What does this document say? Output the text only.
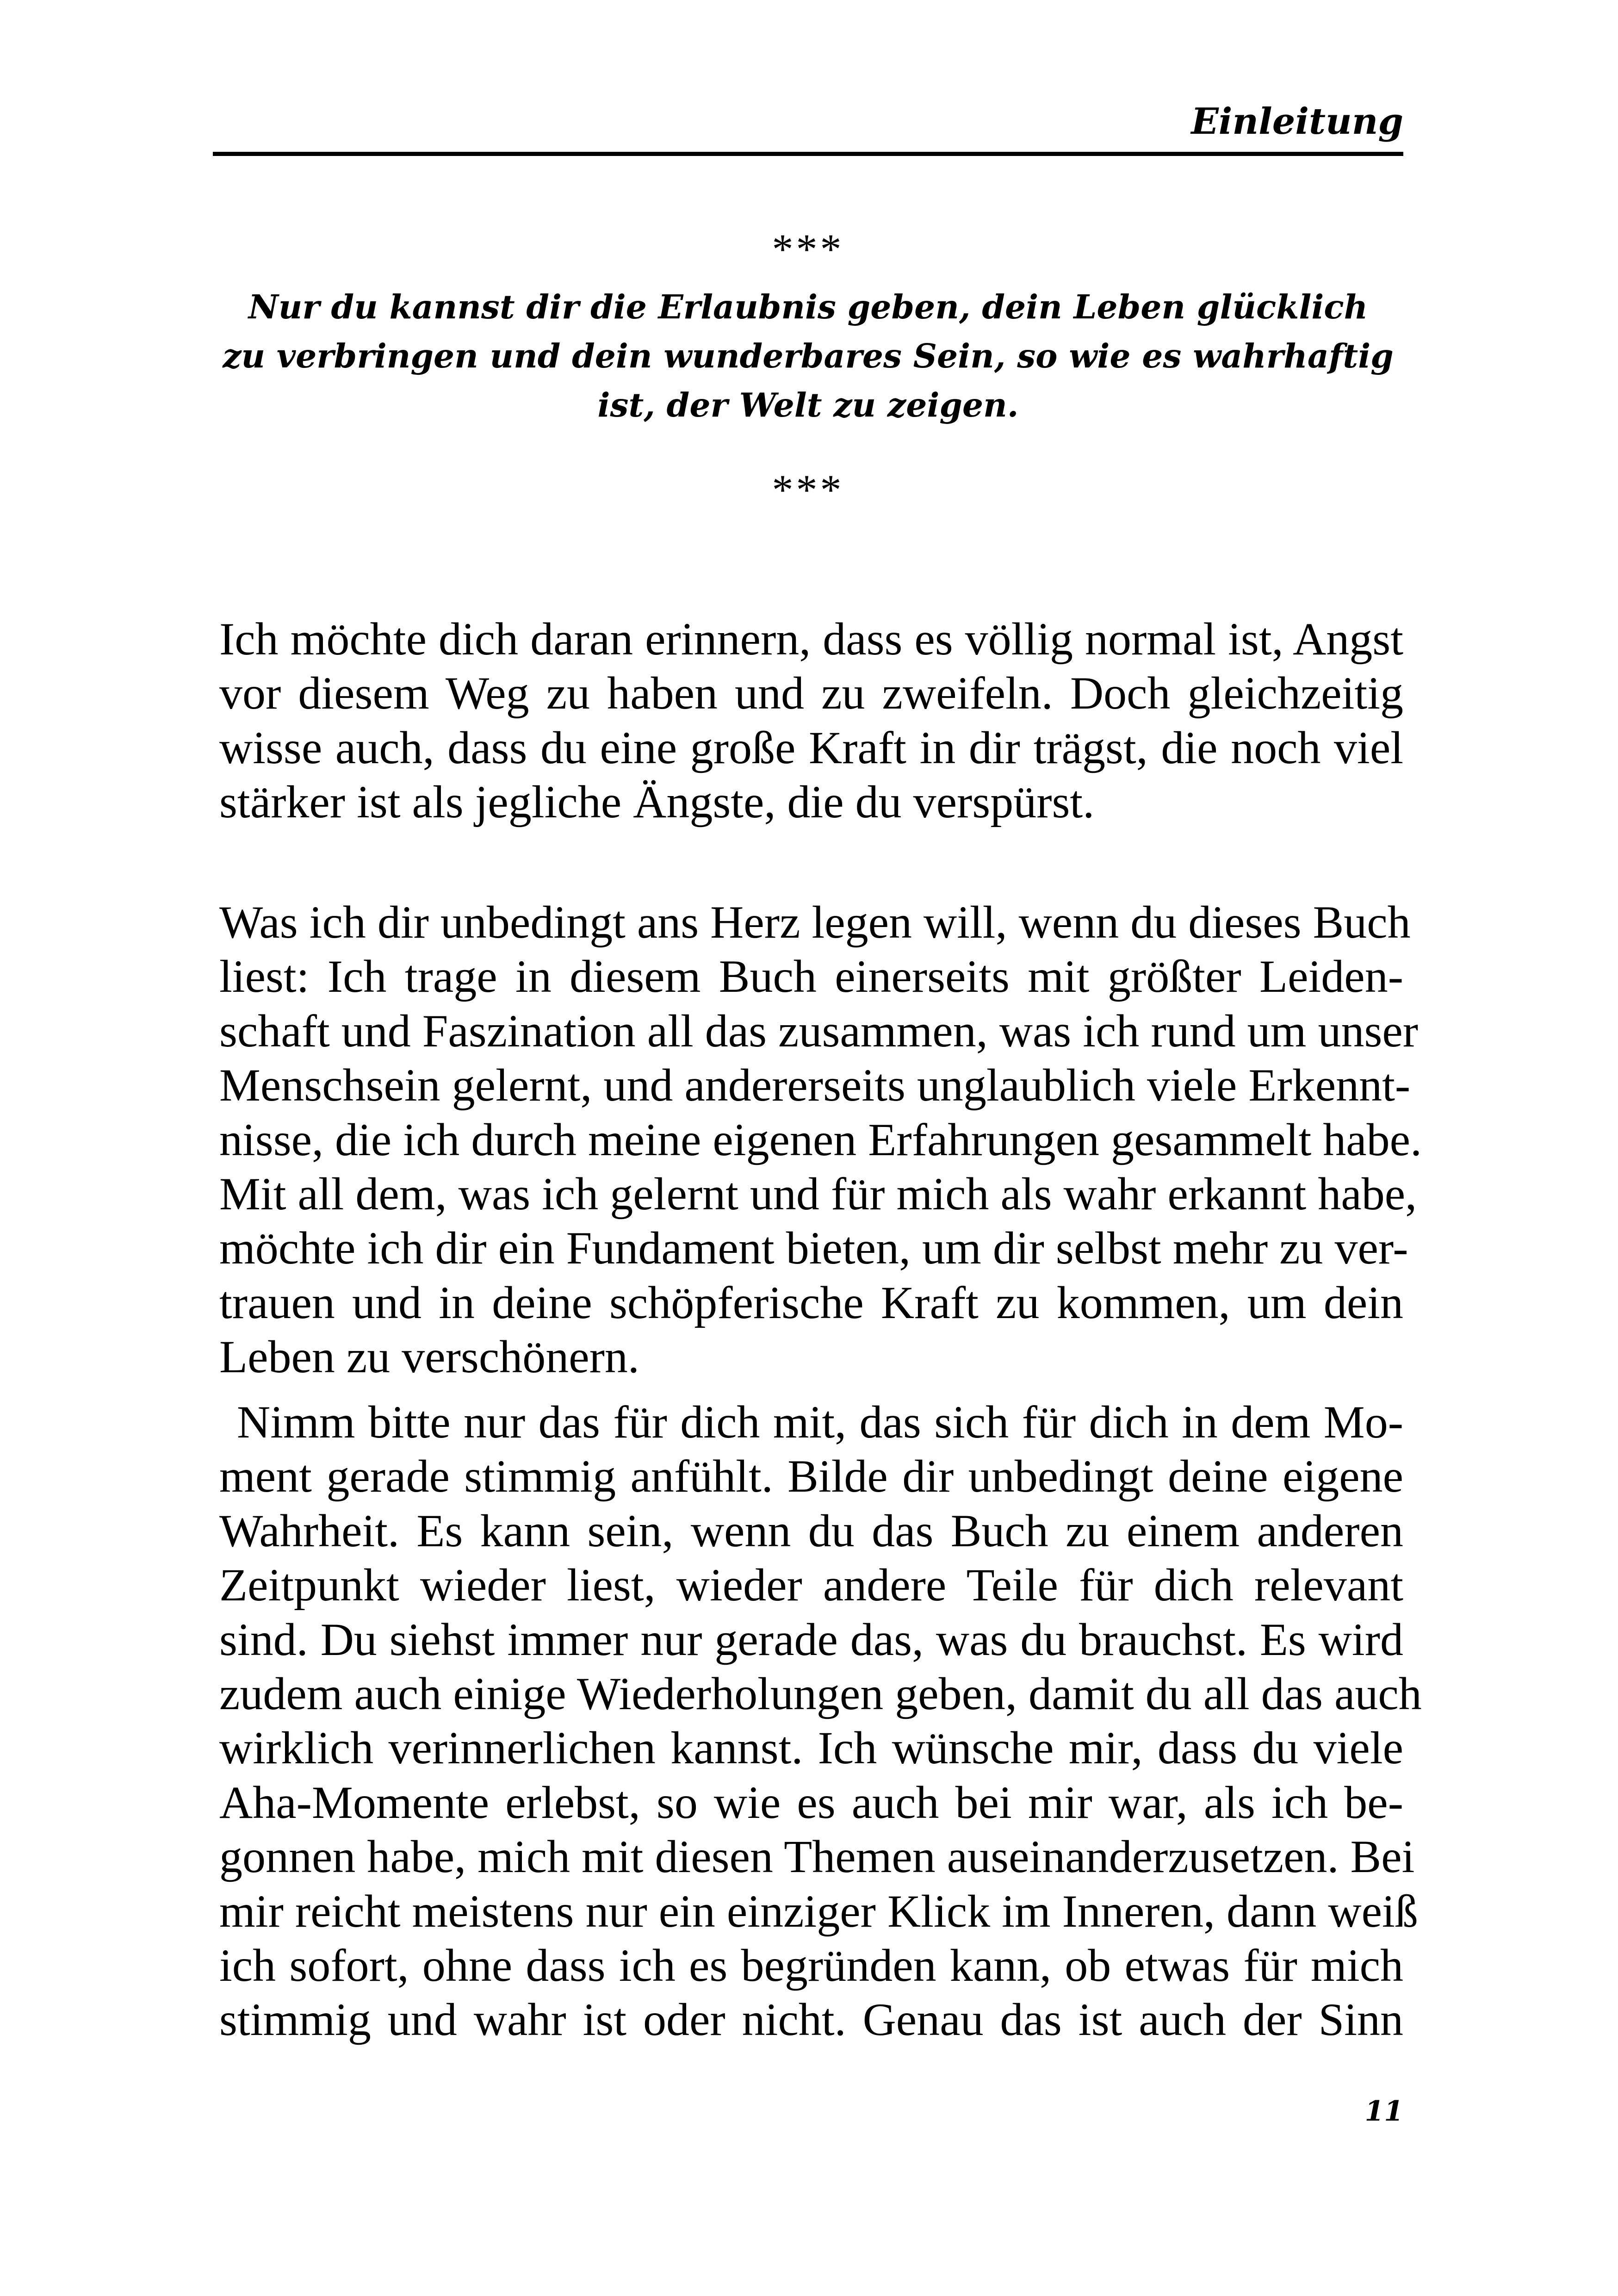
Einleitung
***

Nur du kannst dir die Erlaubnis geben, dein Leben glücklich
zu verbringen und dein wunderbares Sein, so wie es wahrhaftig
ist, der Welt zu zeigen.

***

Ich möchte dich daran erinnern, dass es völlig normal ist, Angst
vor diesem Weg zu haben und zu zweifeln. Doch gleichzeitig
wisse auch, dass du eine große Kraft in dir trägst, die noch viel
stärker ist als jegliche Ängste, die du verspürst.

Was ich dir unbedingt ans Herz legen will, wenn du dieses Buch
liest: Ich trage in diesem Buch einerseits mit größter Leiden-
schaft und Faszination all das zusammen, was ich rund um unser
Menschsein gelernt, und andererseits unglaublich viele Erkennt-
nisse, die ich durch meine eigenen Erfahrungen gesammelt habe.
Mit all dem, was ich gelernt und für mich als wahr erkannt habe,
möchte ich dir ein Fundament bieten, um dir selbst mehr zu ver-
trauen und in deine schöpferische Kraft zu kommen, um dein
Leben zu verschönern.

Nimm bitte nur das für dich mit, das sich für dich in dem Mo-
ment gerade stimmig anfühlt. Bilde dir unbedingt deine eigene
Wahrheit. Es kann sein, wenn du das Buch zu einem anderen
Zeitpunkt wieder liest, wieder andere Teile für dich relevant
sind. Du siehst immer nur gerade das, was du brauchst. Es wird
zudem auch einige Wiederholungen geben, damit du all das auch
wirklich verinnerlichen kannst. Ich wünsche mir, dass du viele
Aha-Momente erlebst, so wie es auch bei mir war, als ich be-
gonnen habe, mich mit diesen Themen auseinanderzusetzen. Bei
mir reicht meistens nur ein einziger Klick im Inneren, dann weiß
ich sofort, ohne dass ich es begründen kann, ob etwas für mich
stimmig und wahr ist oder nicht. Genau das ist auch der Sinn

11
